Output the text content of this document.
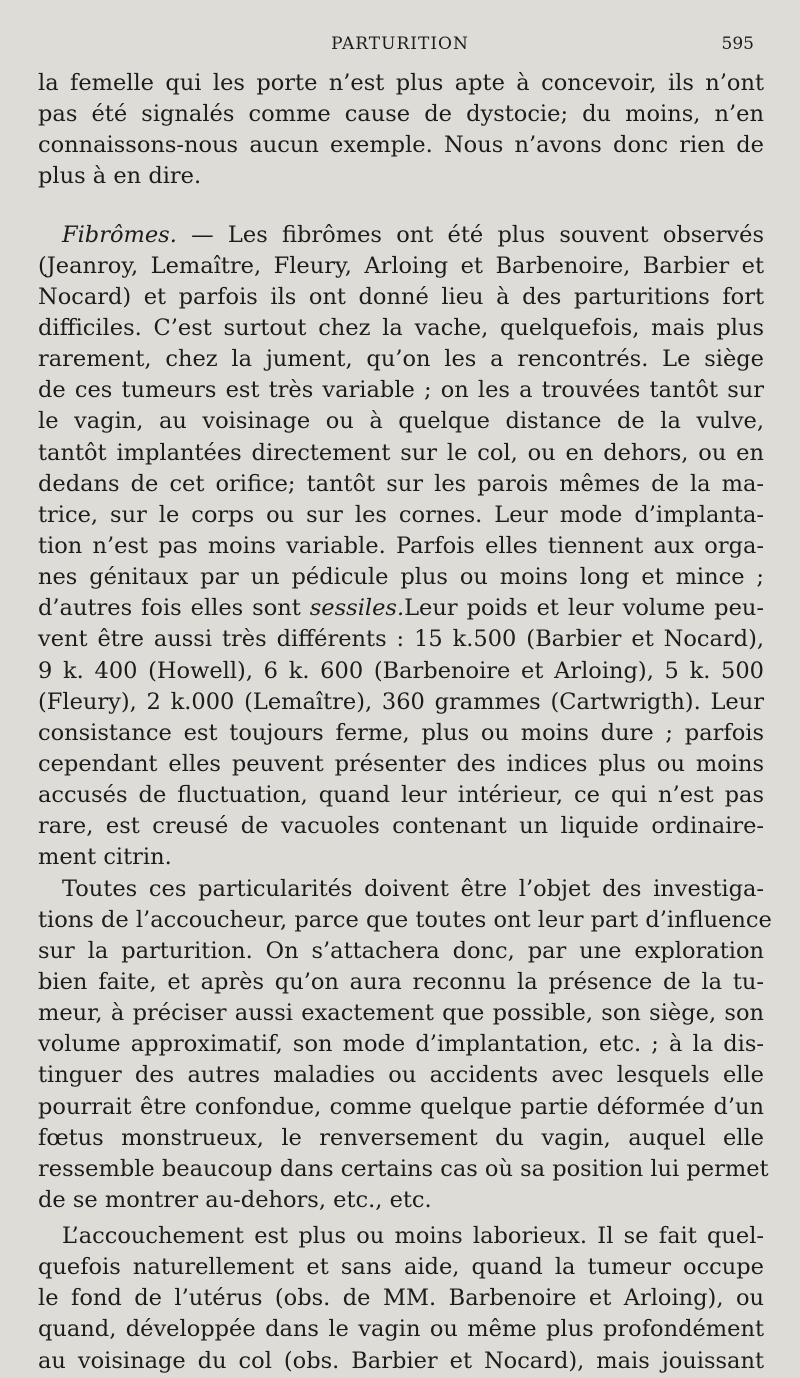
PARTURITION	595
la femelle qui les porte n’est plus apte à concevoir, ils n’ont
pas été signalés comme cause de dystocie; du moins, n’en
connaissons-nous aucun exemple. Nous n’avons donc rien de
plus à en dire.
Fibrômes. — Les fibrômes ont été plus souvent observés
(Jeanroy, Lemaître, Fleury, Arloing et Barbenoire, Barbier et
Nocard) et parfois ils ont donné lieu à des parturitions fort
difficiles. C’est surtout chez la vache, quelquefois, mais plus
rarement, chez la jument, qu’on les a rencontrés. Le siège
de ces tumeurs est très variable ; on les a trouvées tantôt sur
le vagin, au voisinage ou à quelque distance de la vulve,
tantôt implantées directement sur le col, ou en dehors, ou en
dedans de cet orifice; tantôt sur les parois mêmes de la ma-
trice, sur le corps ou sur les cornes. Leur mode d’implanta-
tion n’est pas moins variable. Parfois elles tiennent aux orga-
nes génitaux par un pédicule plus ou moins long et mince ;
d’autres fois elles sont sessiles.Leur poids et leur volume peu-
vent être aussi très différents : 15 k.500 (Barbier et Nocard),
9 k. 400 (Howell), 6 k. 600 (Barbenoire et Arloing), 5 k. 500
(Fleury), 2 k.000 (Lemaître), 360 grammes (Cartwrigth). Leur
consistance est toujours ferme, plus ou moins dure ; parfois
cependant elles peuvent présenter des indices plus ou moins
accusés de fluctuation, quand leur intérieur, ce qui n’est pas
rare, est creusé de vacuoles contenant un liquide ordinaire-
ment citrin.
Toutes ces particularités doivent être l’objet des investiga-
tions de l’accoucheur, parce que toutes ont leur part d’influence
sur la parturition. On s’attachera donc, par une exploration
bien faite, et après qu’on aura reconnu la présence de la tu-
meur, à préciser aussi exactement que possible, son siège, son
volume approximatif, son mode d’implantation, etc. ; à la dis-
tinguer des autres maladies ou accidents avec lesquels elle
pourrait être confondue, comme quelque partie déformée d’un
fœtus monstrueux, le renversement du vagin, auquel elle
ressemble beaucoup dans certains cas où sa position lui permet
de se montrer au-dehors, etc., etc.
L’accouchement est plus ou moins laborieux. Il se fait quel-
quefois naturellement et sans aide, quand la tumeur occupe
le fond de l’utérus (obs. de MM. Barbenoire et Arloing), ou
quand, développée dans le vagin ou même plus profondément
au voisinage du col (obs. Barbier et Nocard), mais jouissant
